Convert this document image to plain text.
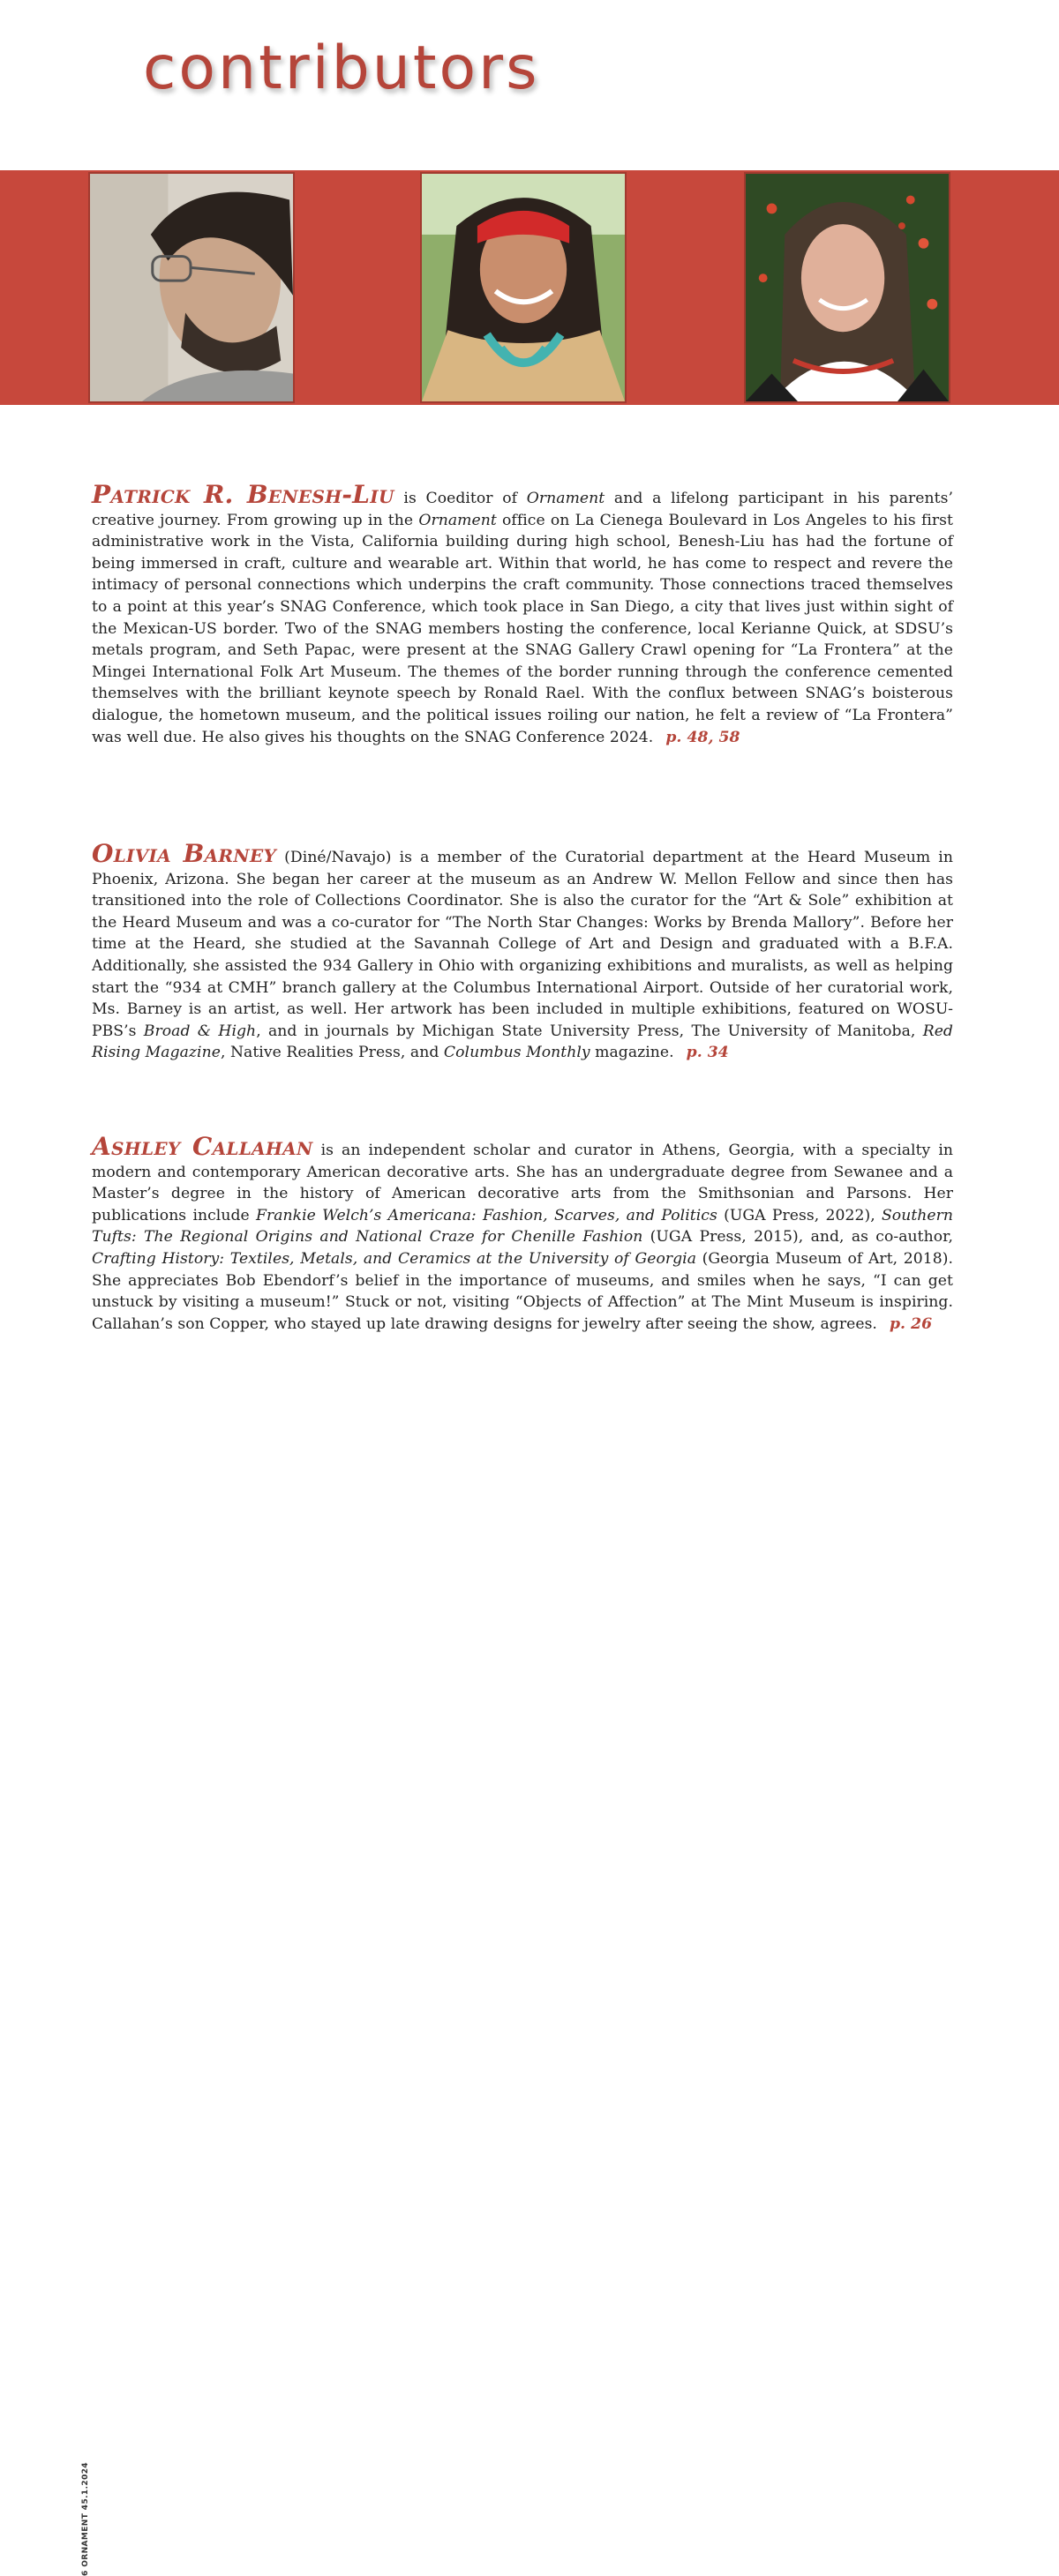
contributors
Patrick R. Benesh-Liu is Coeditor of Ornament and a lifelong participant in his parents’ creative journey. From growing up in the Ornament office on La Cienega Boulevard in Los Angeles to his first administrative work in the Vista, California building during high school, Benesh-Liu has had the fortune of being immersed in craft, culture and wearable art. Within that world, he has come to respect and revere the intimacy of personal connections which underpins the craft community. Those connections traced themselves to a point at this year’s SNAG Conference, which took place in San Diego, a city that lives just within sight of the Mexican-US border. Two of the SNAG members hosting the conference, local Kerianne Quick, at SDSU’s metals program, and Seth Papac, were present at the SNAG Gallery Crawl opening for “La Frontera” at the Mingei International Folk Art Museum. The themes of the border running through the conference cemented themselves with the brilliant keynote speech by Ronald Rael. With the conflux between SNAG’s boisterous dialogue, the hometown museum, and the political issues roiling our nation, he felt a review of “La Frontera” was well due. He also gives his thoughts on the SNAG Conference 2024. p. 48, 58
Olivia Barney (Diné/Navajo) is a member of the Curatorial department at the Heard Museum in Phoenix, Arizona. She began her career at the museum as an Andrew W. Mellon Fellow and since then has transitioned into the role of Collections Coordinator. She is also the curator for the “Art & Sole” exhibition at the Heard Museum and was a co-curator for “The North Star Changes: Works by Brenda Mallory”. Before her time at the Heard, she studied at the Savannah College of Art and Design and graduated with a B.F.A. Additionally, she assisted the 934 Gallery in Ohio with organizing exhibitions and muralists, as well as helping start the “934 at CMH” branch gallery at the Columbus International Airport. Outside of her curatorial work, Ms. Barney is an artist, as well. Her artwork has been included in multiple exhibitions, featured on WOSU-PBS’s Broad & High, and in journals by Michigan State University Press, The University of Manitoba, Red Rising Magazine, Native Realities Press, and Columbus Monthly magazine. p. 34
Ashley Callahan is an independent scholar and curator in Athens, Georgia, with a specialty in modern and contemporary American decorative arts. She has an undergraduate degree from Sewanee and a Master’s degree in the history of American decorative arts from the Smithsonian and Parsons. Her publications include Frankie Welch’s Americana: Fashion, Scarves, and Politics (UGA Press, 2022), Southern Tufts: The Regional Origins and National Craze for Chenille Fashion (UGA Press, 2015), and, as co-author, Crafting History: Textiles, Metals, and Ceramics at the University of Georgia (Georgia Museum of Art, 2018). She appreciates Bob Ebendorf’s belief in the importance of museums, and smiles when he says, “I can get unstuck by visiting a museum!” Stuck or not, visiting “Objects of Affection” at The Mint Museum is inspiring. Callahan’s son Copper, who stayed up late drawing designs for jewelry after seeing the show, agrees. p. 26
6 ORNAMENT 45.1.2024
